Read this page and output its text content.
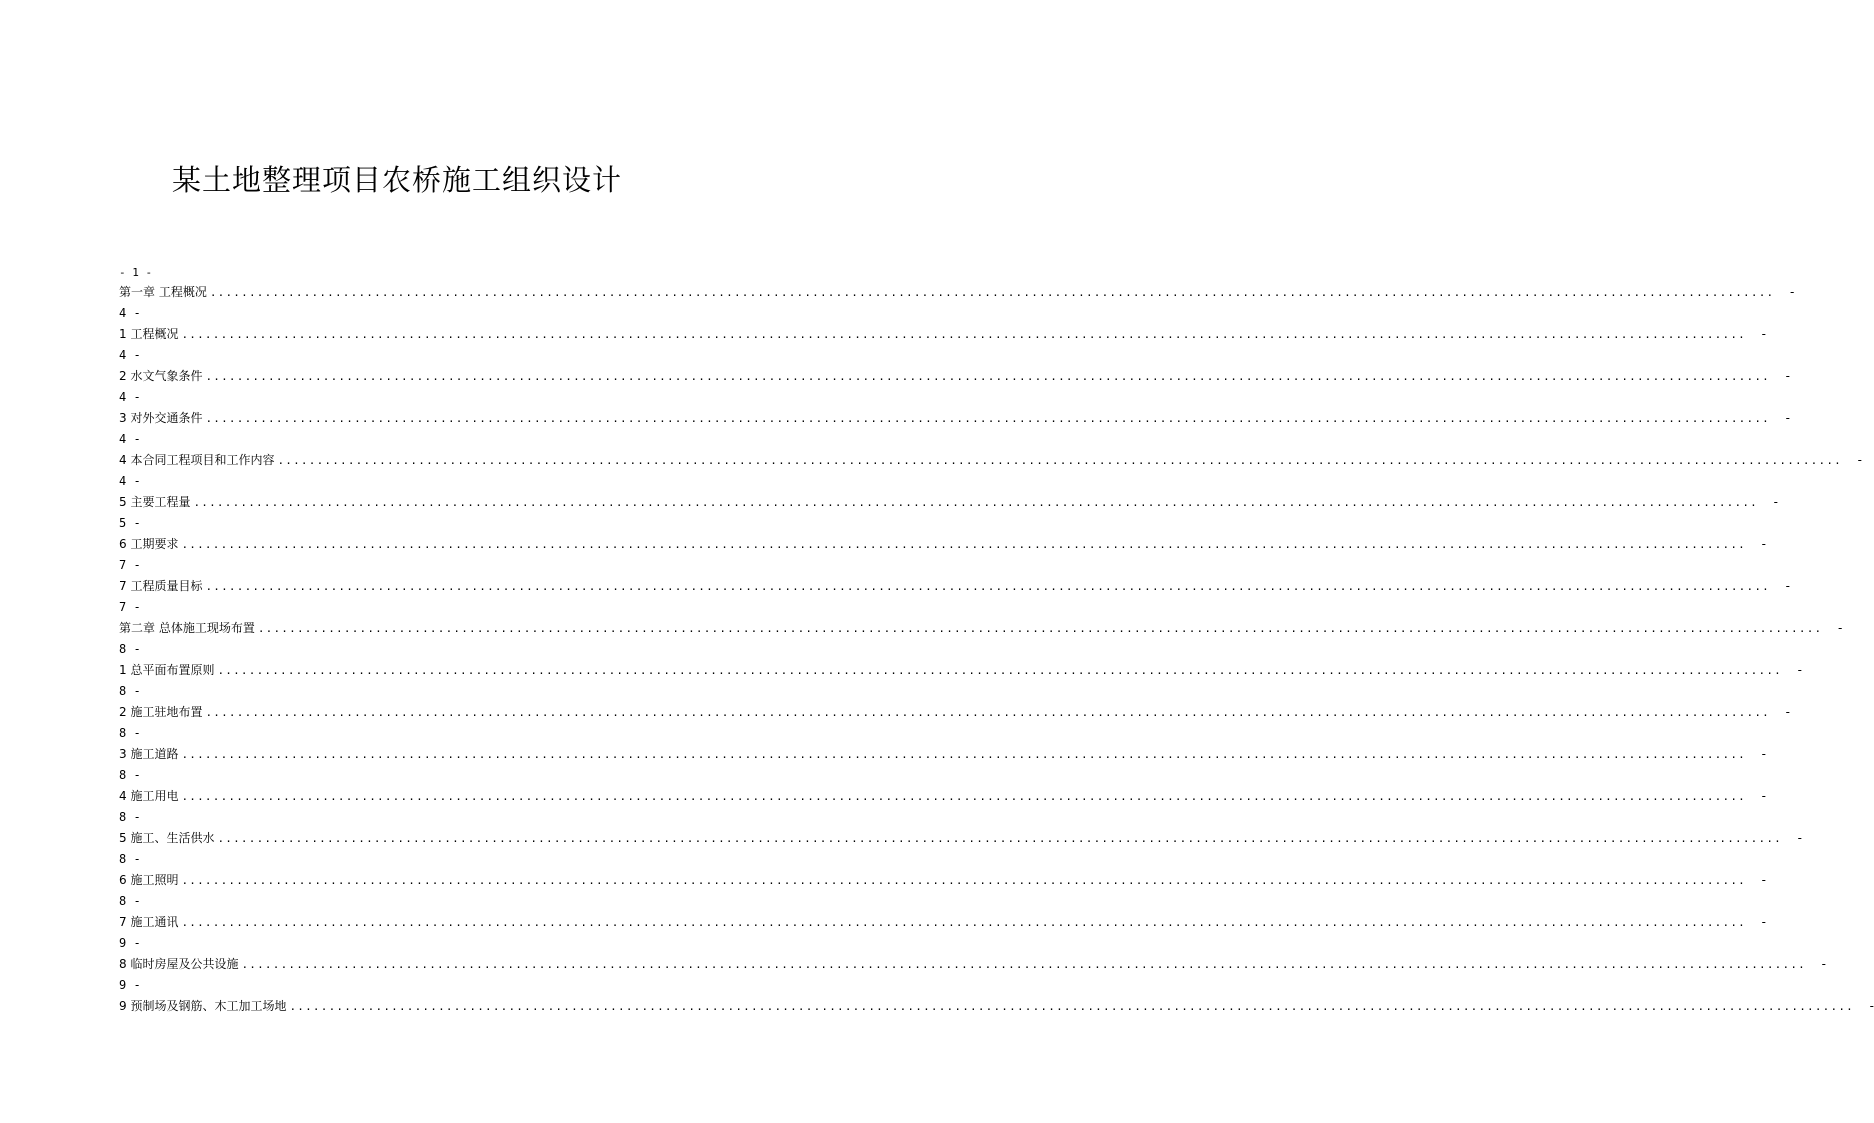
某土地整理项目农桥施工组织设计
- 1 -
第一章 工程概况 ........................................................................................................................................................................................................	-
4 -
1 工程概况 ........................................................................................................................................................................................................	-
4 -
2 水文气象条件 ........................................................................................................................................................................................................	-
4 -
3 对外交通条件 ........................................................................................................................................................................................................	-
4 -
4 本合同工程项目和工作内容 ........................................................................................................................................................................................................	-
4 -
5 主要工程量 ........................................................................................................................................................................................................	-
5 -
6 工期要求 ........................................................................................................................................................................................................	-
7 -
7 工程质量目标 ........................................................................................................................................................................................................	-
7 -
第二章 总体施工现场布置 ........................................................................................................................................................................................................	-
8 -
1 总平面布置原则 ........................................................................................................................................................................................................	-
8 -
2 施工驻地布置 ........................................................................................................................................................................................................	-
8 -
3 施工道路 ........................................................................................................................................................................................................	-
8 -
4 施工用电 ........................................................................................................................................................................................................	-
8 -
5 施工、生活供水 ........................................................................................................................................................................................................	-
8 -
6 施工照明 ........................................................................................................................................................................................................	-
8 -
7 施工通讯 ........................................................................................................................................................................................................	-
9 -
8 临时房屋及公共设施 ........................................................................................................................................................................................................	-
9 -
9 预制场及钢筋、木工加工场地 ........................................................................................................................................................................................................	-
